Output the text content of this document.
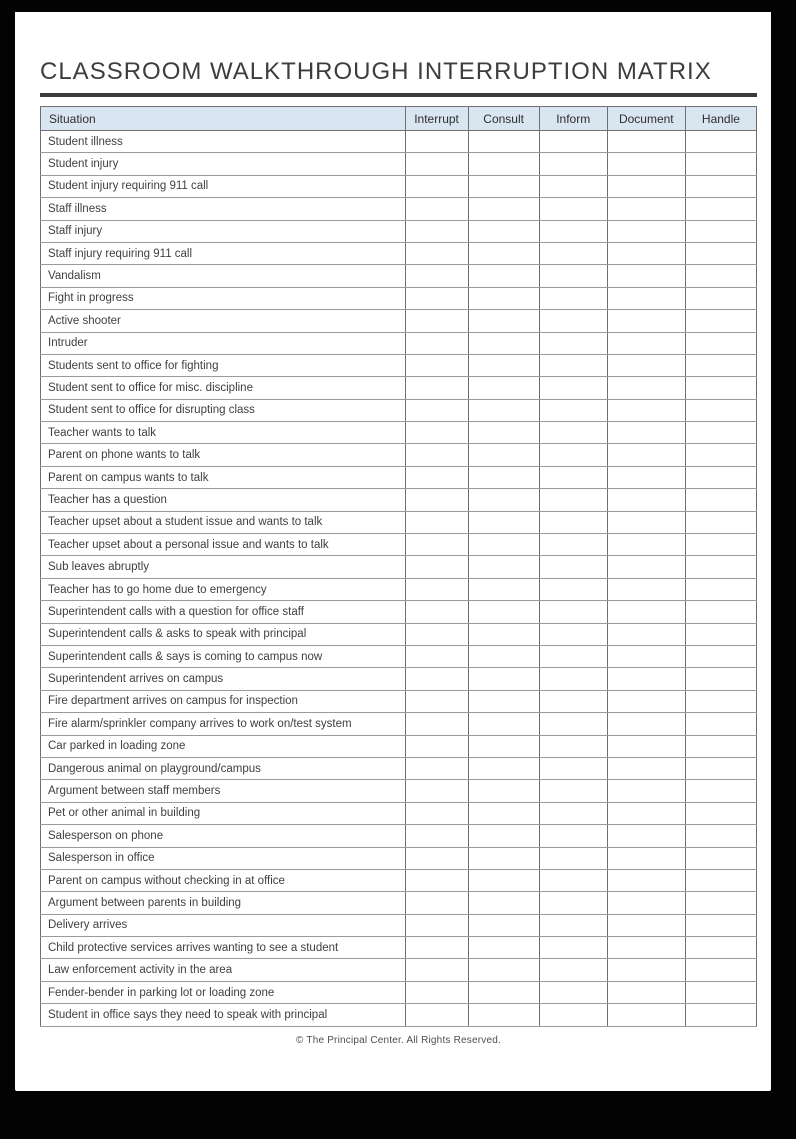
CLASSROOM WALKTHROUGH INTERRUPTION MATRIX
Situation	Interrupt	Consult	Inform	Document	Handle
Student illness					
Student injury					
Student injury requiring 911 call					
Staff illness					
Staff injury					
Staff injury requiring 911 call					
Vandalism					
Fight in progress					
Active shooter					
Intruder					
Students sent to office for fighting					
Student sent to office for misc. discipline					
Student sent to office for disrupting class					
Teacher wants to talk					
Parent on phone wants to talk					
Parent on campus wants to talk					
Teacher has a question					
Teacher upset about a student issue and wants to talk					
Teacher upset about a personal issue and wants to talk					
Sub leaves abruptly					
Teacher has to go home due to emergency					
Superintendent calls with a question for office staff					
Superintendent calls & asks to speak with principal					
Superintendent calls & says is coming to campus now					
Superintendent arrives on campus					
Fire department arrives on campus for inspection					
Fire alarm/sprinkler company arrives to work on/test system					
Car parked in loading zone					
Dangerous animal on playground/campus					
Argument between staff members					
Pet or other animal in building					
Salesperson on phone					
Salesperson in office					
Parent on campus without checking in at office					
Argument between parents in building					
Delivery arrives					
Child protective services arrives wanting to see a student					
Law enforcement activity in the area					
Fender-bender in parking lot or loading zone					
Student in office says they need to speak with principal					
© The Principal Center. All Rights Reserved.
